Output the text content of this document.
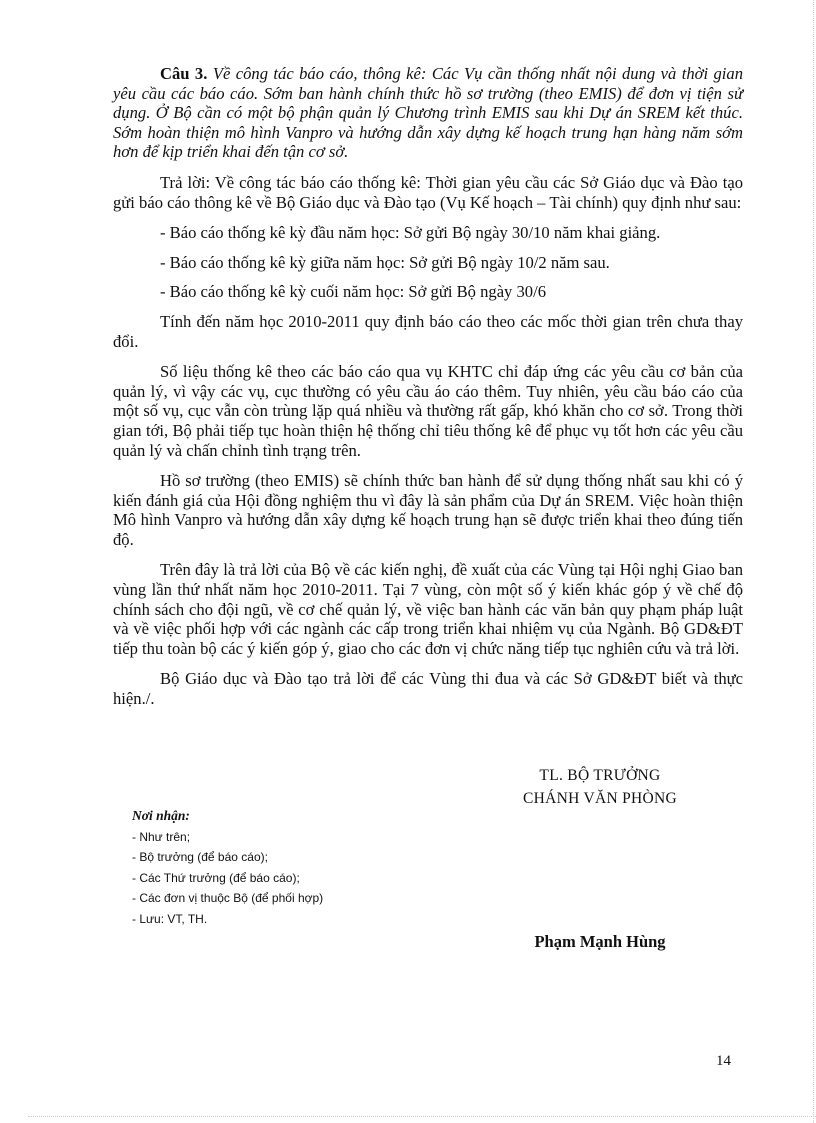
Câu 3. Về công tác báo cáo, thông kê: Các Vụ cần thống nhất nội dung và thời gian yêu cầu các báo cáo. Sớm ban hành chính thức hồ sơ trường (theo EMIS) để đơn vị tiện sử dụng. Ở Bộ cần có một bộ phận quản lý Chương trình EMIS sau khi Dự án SREM kết thúc. Sớm hoàn thiện mô hình Vanpro và hướng dẫn xây dựng kế hoạch trung hạn hàng năm sớm hơn để kịp triển khai đến tận cơ sở.

Trả lời: Về công tác báo cáo thống kê: Thời gian yêu cầu các Sở Giáo dục và Đào tạo gửi báo cáo thông kê về Bộ Giáo dục và Đào tạo (Vụ Kế hoạch – Tài chính) quy định như sau:

- Báo cáo thống kê kỳ đầu năm học: Sở gửi Bộ ngày 30/10 năm khai giảng.

- Báo cáo thống kê kỳ giữa năm học: Sở gửi Bộ ngày 10/2 năm sau.

- Báo cáo thống kê kỳ cuối năm học: Sở gửi Bộ ngày 30/6

Tính đến năm học 2010-2011 quy định báo cáo theo các mốc thời gian trên chưa thay đổi.

Số liệu thống kê theo các báo cáo qua vụ KHTC chỉ đáp ứng các yêu cầu cơ bản của quản lý, vì vậy các vụ, cục thường có yêu cầu áo cáo thêm. Tuy nhiên, yêu cầu báo cáo của một số vụ, cục vẫn còn trùng lặp quá nhiều và thường rất gấp, khó khăn cho cơ sở. Trong thời gian tới, Bộ phải tiếp tục hoàn thiện hệ thống chỉ tiêu thống kê để phục vụ tốt hơn các yêu cầu quản lý và chấn chỉnh tình trạng trên.

Hồ sơ trường (theo EMIS) sẽ chính thức ban hành để sử dụng thống nhất sau khi có ý kiến đánh giá của Hội đồng nghiệm thu vì đây là sản phẩm của Dự án SREM. Việc hoàn thiện Mô hình Vanpro và hướng dẫn xây dựng kế hoạch trung hạn sẽ được triển khai theo đúng tiến độ.

Trên đây là trả lời của Bộ về các kiến nghị, đề xuất của các Vùng tại Hội nghị Giao ban vùng lần thứ nhất năm học 2010-2011. Tại 7 vùng, còn một số ý kiến khác góp ý về chế độ chính sách cho đội ngũ, về cơ chế quản lý, về việc ban hành các văn bản quy phạm pháp luật và về việc phối hợp với các ngành các cấp trong triển khai nhiệm vụ của Ngành. Bộ GD&ĐT tiếp thu toàn bộ các ý kiến góp ý, giao cho các đơn vị chức năng tiếp tục nghiên cứu và trả lời.

Bộ Giáo dục và Đào tạo trả lời để các Vùng thi đua và các Sở GD&ĐT biết và thực hiện./.

TL. BỘ TRƯỞNG
CHÁNH VĂN PHÒNG
Nơi nhận:
- Như trên;
- Bộ trưởng (để báo cáo);
- Các Thứ trưởng (để báo cáo);
- Các đơn vị thuộc Bộ (để phối hợp)
- Lưu: VT, TH.
Phạm Mạnh Hùng
14
